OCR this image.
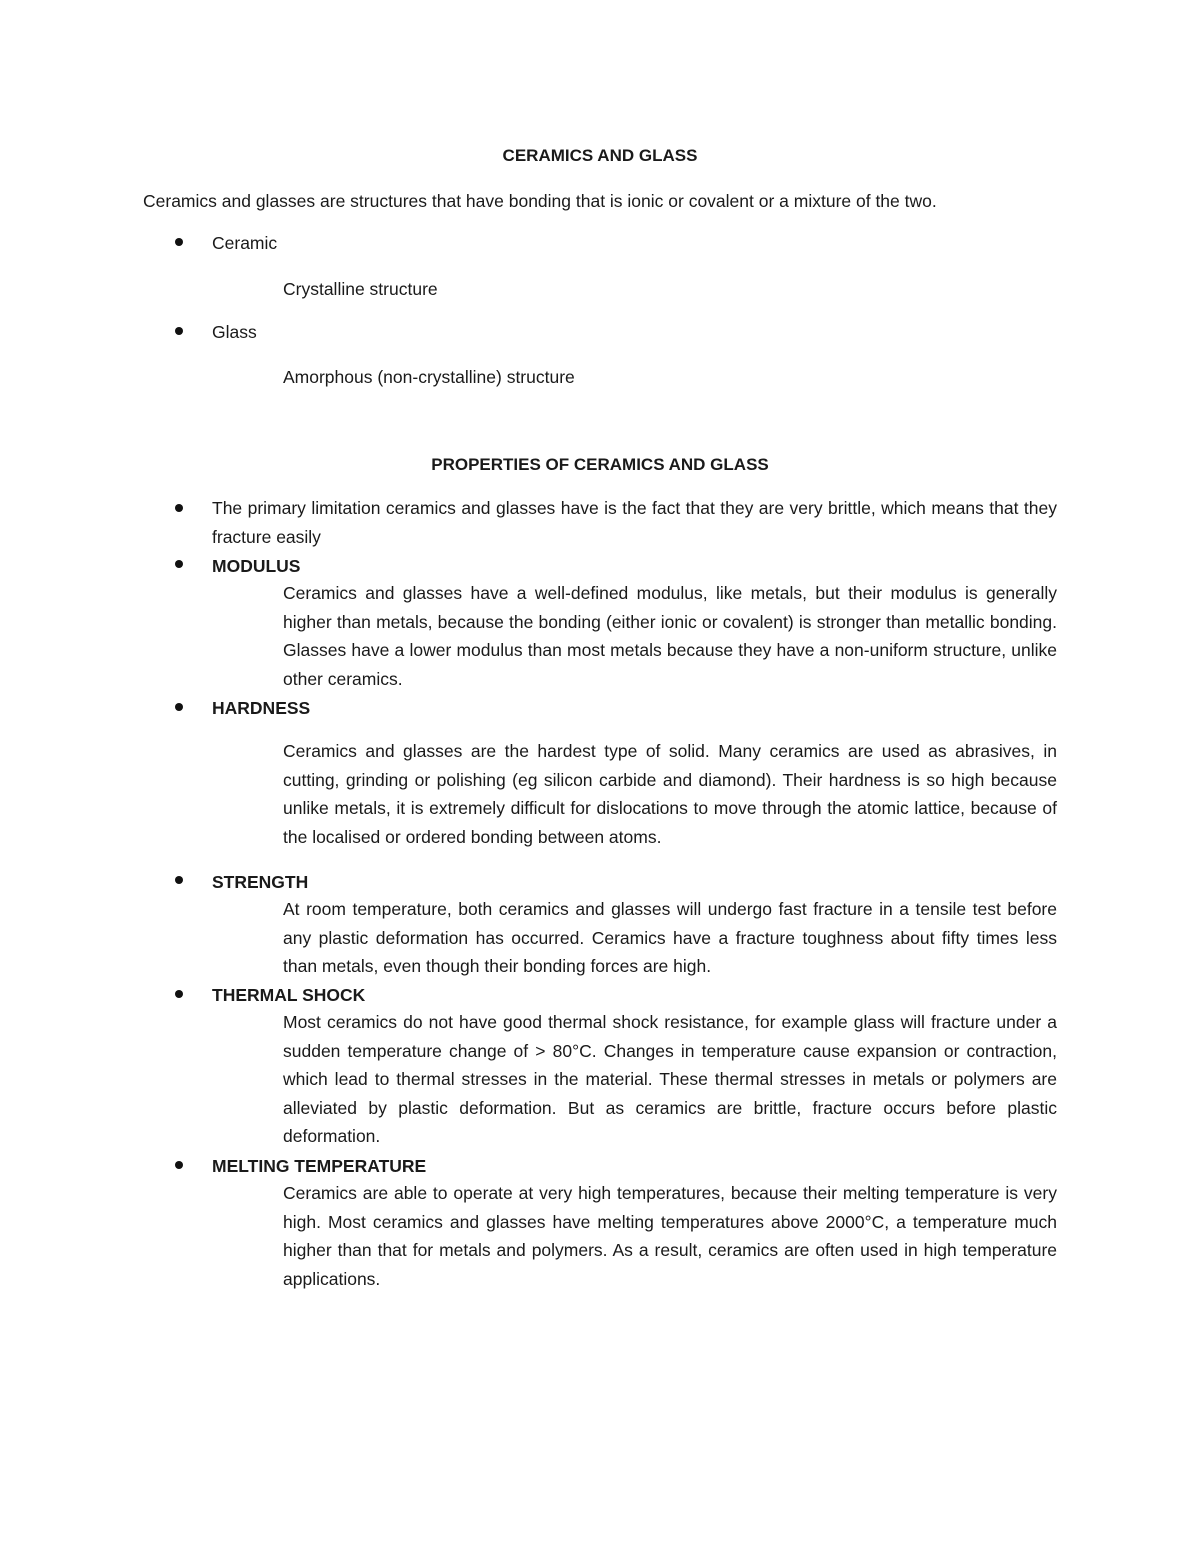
CERAMICS AND GLASS
Ceramics and glasses are structures that have bonding that is ionic or covalent or a mixture of the two.
Ceramic
Crystalline structure
Glass
Amorphous (non-crystalline) structure
PROPERTIES OF CERAMICS AND GLASS
The primary limitation ceramics and glasses have is the fact that they are very brittle, which means that they fracture easily
MODULUS
Ceramics and glasses have a well-defined modulus, like metals, but their modulus is generally higher than metals, because the bonding (either ionic or covalent) is stronger than metallic bonding. Glasses have a lower modulus than most metals because they have a non-uniform structure, unlike other ceramics.
HARDNESS
Ceramics and glasses are the hardest type of solid. Many ceramics are used as abrasives, in cutting, grinding or polishing (eg silicon carbide and diamond). Their hardness is so high because unlike metals, it is extremely difficult for dislocations to move through the atomic lattice, because of the localised or ordered bonding between atoms.
STRENGTH
At room temperature, both ceramics and glasses will undergo fast fracture in a tensile test before any plastic deformation has occurred. Ceramics have a fracture toughness about fifty times less than metals, even though their bonding forces are high.
THERMAL SHOCK
Most ceramics do not have good thermal shock resistance, for example glass will fracture under a sudden temperature change of > 80°C. Changes in temperature cause expansion or contraction, which lead to thermal stresses in the material. These thermal stresses in metals or polymers are alleviated by plastic deformation. But as ceramics are brittle, fracture occurs before plastic deformation.
MELTING TEMPERATURE
Ceramics are able to operate at very high temperatures, because their melting temperature is very high. Most ceramics and glasses have melting temperatures above 2000°C, a temperature much higher than that for metals and polymers. As a result, ceramics are often used in high temperature applications.
